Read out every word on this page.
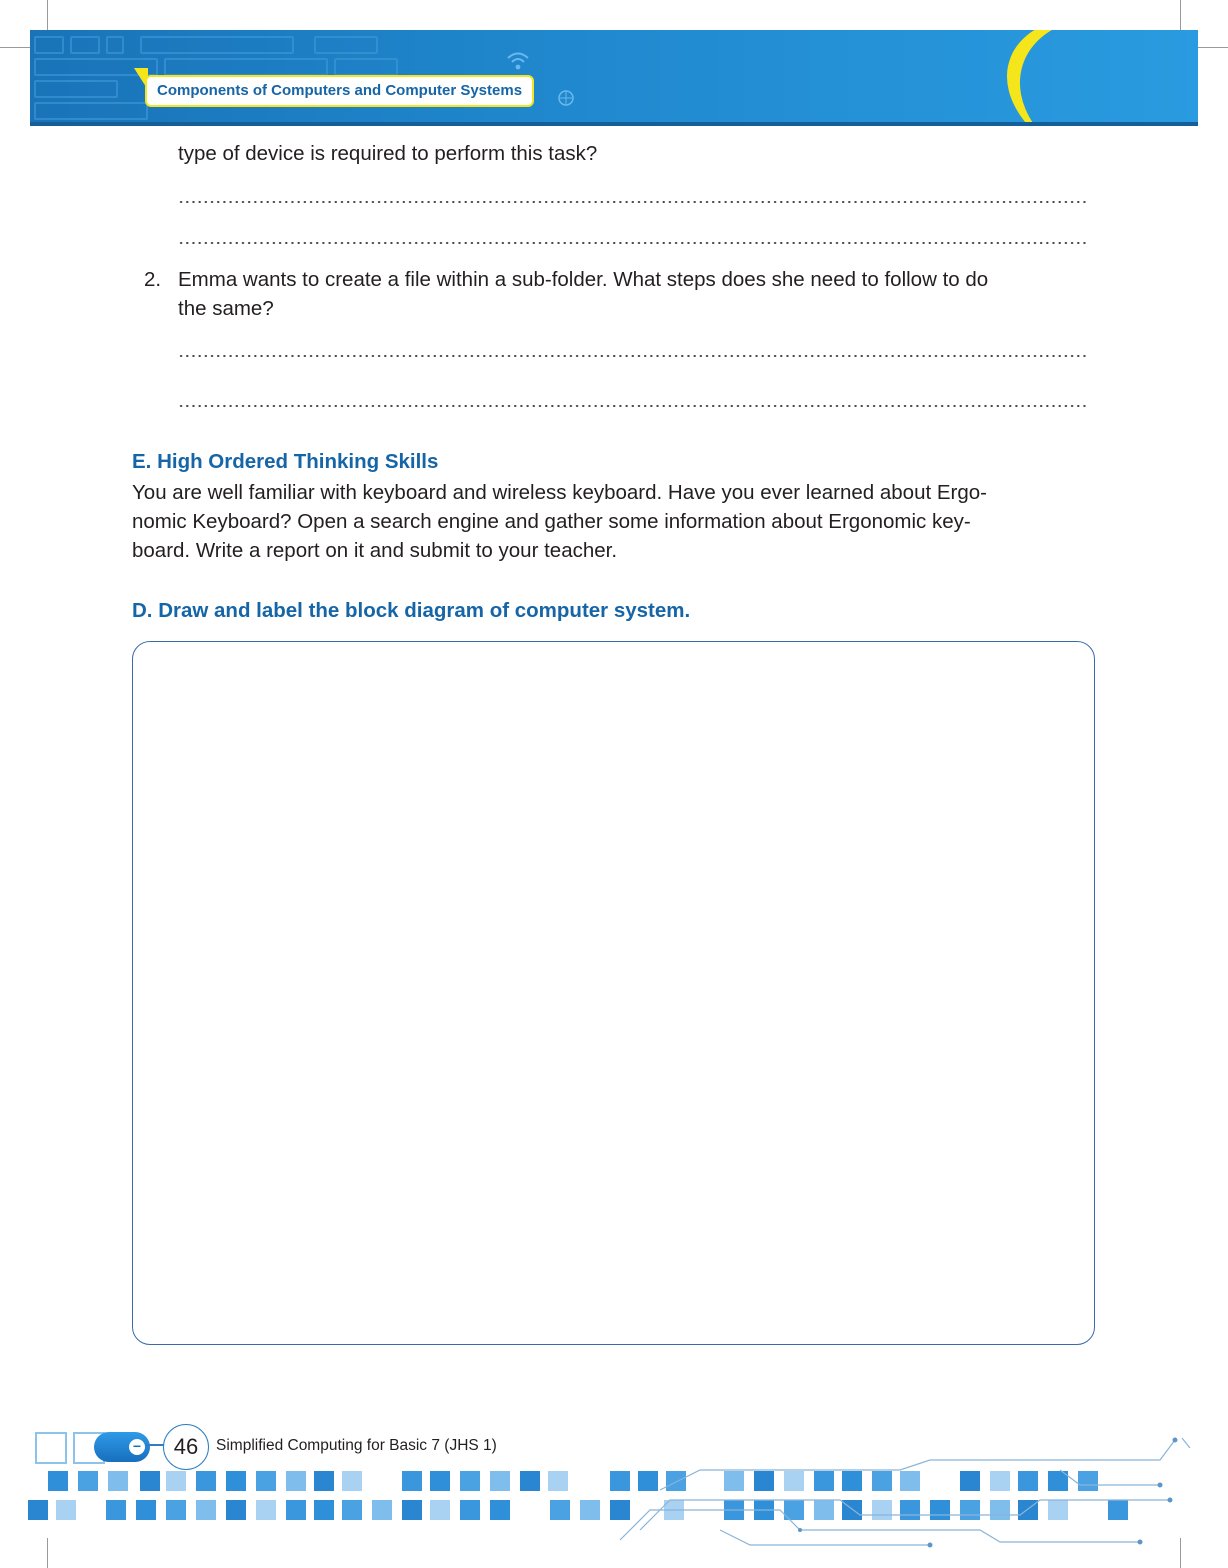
Components of Computers and Computer Systems
type of device is required to perform this task?
2. Emma wants to create a file within a sub-folder. What steps does she need to follow to do
the same?
E. High Ordered Thinking Skills
You are well familiar with keyboard and wireless keyboard. Have you ever learned about Ergo-
nomic Keyboard? Open a search engine and gather some information about Ergonomic key-
board. Write a report on it and submit to your teacher.
D. Draw and label the block diagram of computer system.
−	46	Simplified Computing for Basic 7 (JHS 1)
